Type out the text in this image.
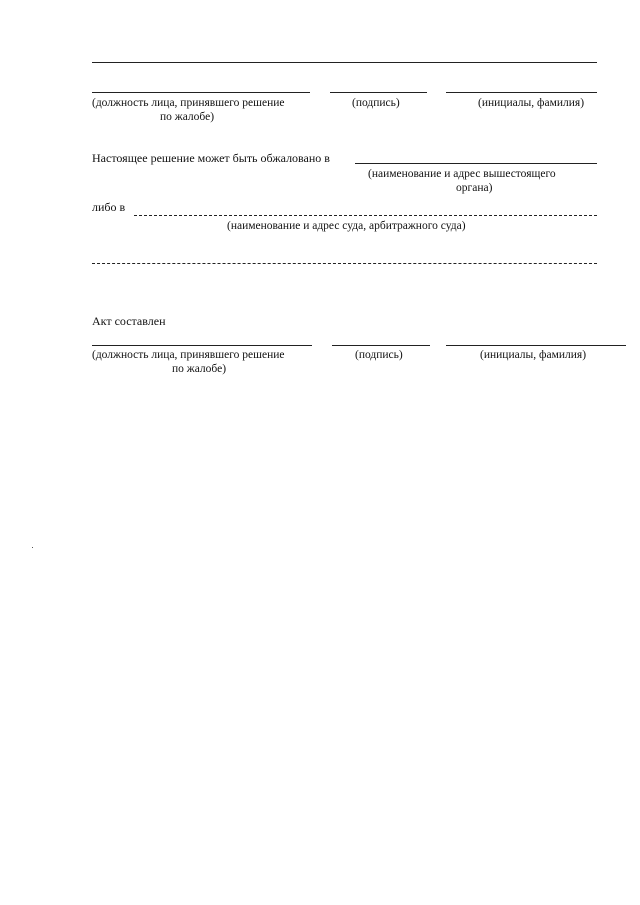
(должность лица, принявшего решение
по жалобе)
(подпись)	(инициалы, фамилия)
Настоящее решение может быть обжаловано в
(наименование и адрес вышестоящего
органа)
либо в
(наименование и адрес суда, арбитражного суда)
Акт составлен
(должность лица, принявшего решение
по жалобе)
(подпись)	(инициалы, фамилия)
